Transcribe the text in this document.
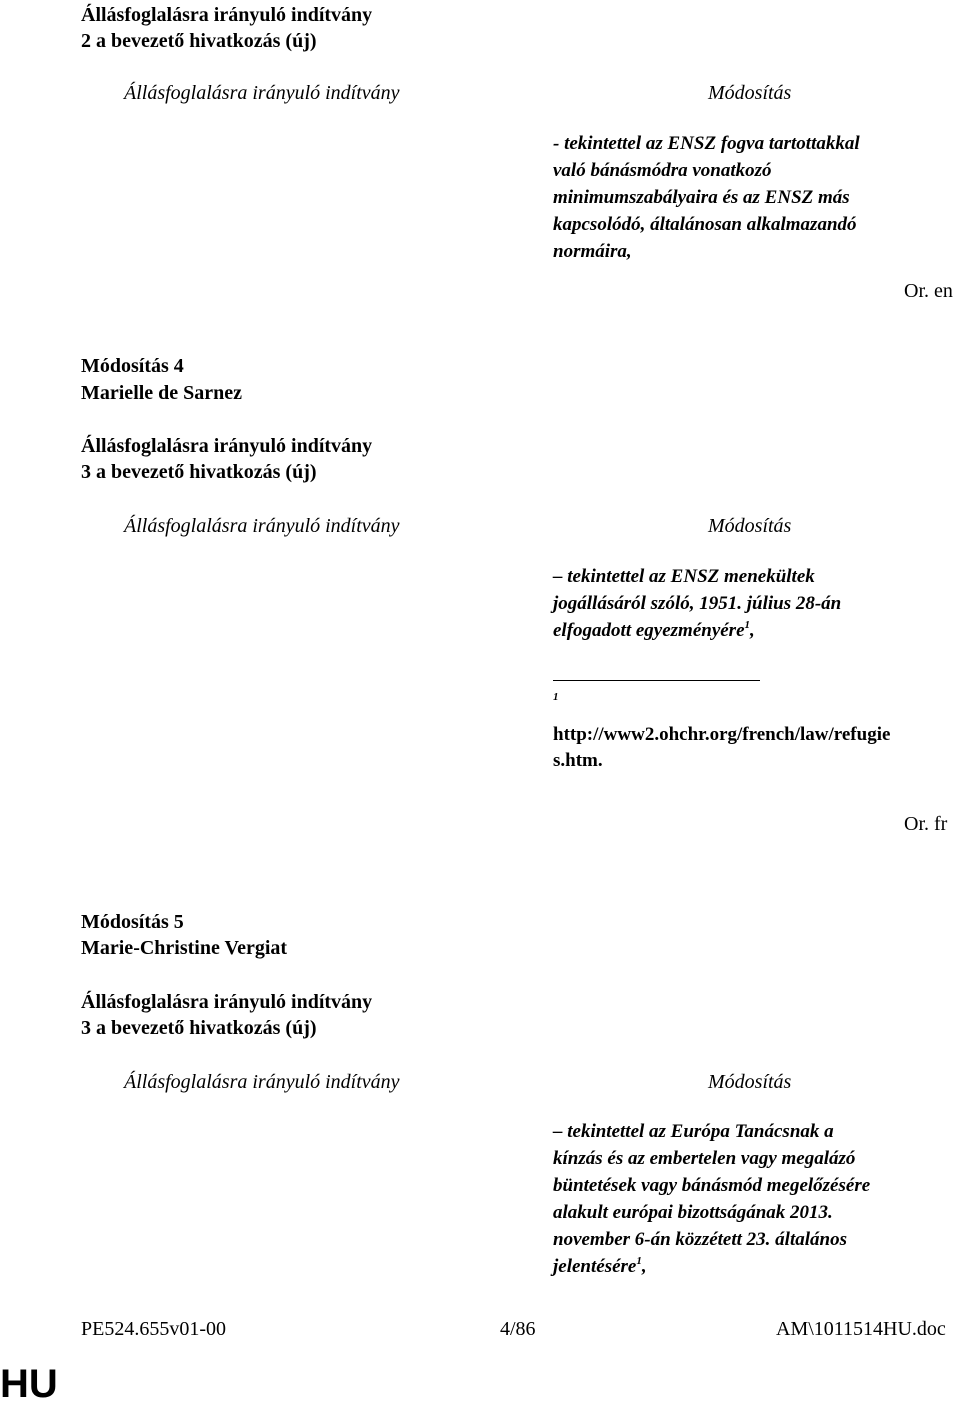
Állásfoglalásra irányuló indítvány
2 a bevezető hivatkozás (új)
Állásfoglalásra irányuló indítvány	Módosítás
- tekintettel az ENSZ fogva tartottakkal
való bánásmódra vonatkozó
minimumszabályaira és az ENSZ más
kapcsolódó, általánosan alkalmazandó
normáira,
Or. en
Módosítás 4
Marielle de Sarnez
Állásfoglalásra irányuló indítvány
3 a bevezető hivatkozás (új)
Állásfoglalásra irányuló indítvány	Módosítás
– tekintettel az ENSZ menekültek
jogállásáról szóló, 1951. július 28-án
elfogadott egyezményére$^1$,
1
http://www2.ohchr.org/french/law/refugie
s.htm.
Or. fr
Módosítás 5
Marie-Christine Vergiat
Állásfoglalásra irányuló indítvány
3 a bevezető hivatkozás (új)
Állásfoglalásra irányuló indítvány	Módosítás
– tekintettel az Európa Tanácsnak a
kínzás és az embertelen vagy megalázó
büntetések vagy bánásmód megelőzésére
alakult európai bizottságának 2013.
november 6-án közzétett 23. általános
jelentésére$^1$,
PE524.655v01-00	4/86	AM\1011514HU.doc
HU
